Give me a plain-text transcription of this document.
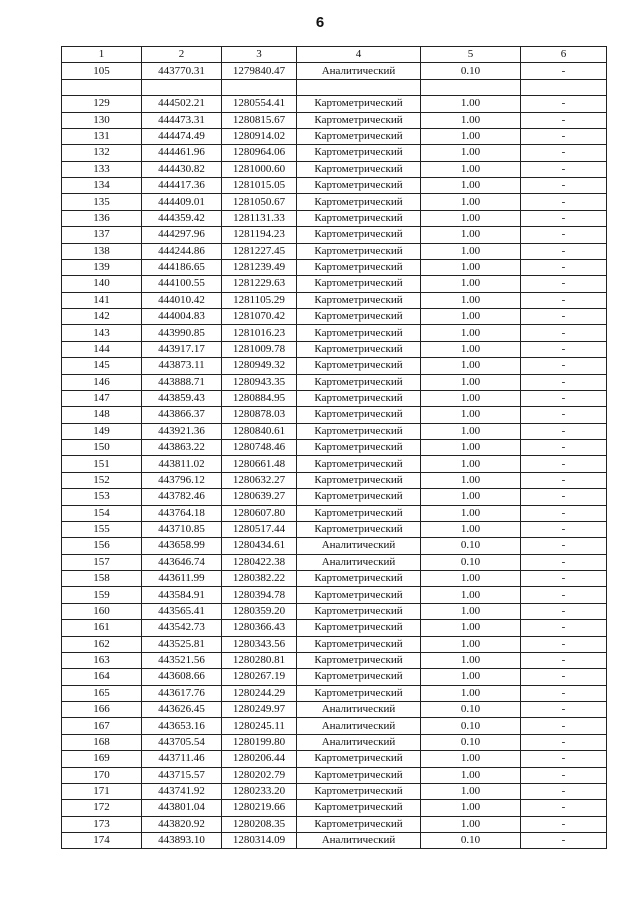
6
1	2	3	4	5	6
105	443770.31	1279840.47	Аналитический	0.10	-

129	444502.21	1280554.41	Картометрический	1.00	-
130	444473.31	1280815.67	Картометрический	1.00	-
131	444474.49	1280914.02	Картометрический	1.00	-
132	444461.96	1280964.06	Картометрический	1.00	-
133	444430.82	1281000.60	Картометрический	1.00	-
134	444417.36	1281015.05	Картометрический	1.00	-
135	444409.01	1281050.67	Картометрический	1.00	-
136	444359.42	1281131.33	Картометрический	1.00	-
137	444297.96	1281194.23	Картометрический	1.00	-
138	444244.86	1281227.45	Картометрический	1.00	-
139	444186.65	1281239.49	Картометрический	1.00	-
140	444100.55	1281229.63	Картометрический	1.00	-
141	444010.42	1281105.29	Картометрический	1.00	-
142	444004.83	1281070.42	Картометрический	1.00	-
143	443990.85	1281016.23	Картометрический	1.00	-
144	443917.17	1281009.78	Картометрический	1.00	-
145	443873.11	1280949.32	Картометрический	1.00	-
146	443888.71	1280943.35	Картометрический	1.00	-
147	443859.43	1280884.95	Картометрический	1.00	-
148	443866.37	1280878.03	Картометрический	1.00	-
149	443921.36	1280840.61	Картометрический	1.00	-
150	443863.22	1280748.46	Картометрический	1.00	-
151	443811.02	1280661.48	Картометрический	1.00	-
152	443796.12	1280632.27	Картометрический	1.00	-
153	443782.46	1280639.27	Картометрический	1.00	-
154	443764.18	1280607.80	Картометрический	1.00	-
155	443710.85	1280517.44	Картометрический	1.00	-
156	443658.99	1280434.61	Аналитический	0.10	-
157	443646.74	1280422.38	Аналитический	0.10	-
158	443611.99	1280382.22	Картометрический	1.00	-
159	443584.91	1280394.78	Картометрический	1.00	-
160	443565.41	1280359.20	Картометрический	1.00	-
161	443542.73	1280366.43	Картометрический	1.00	-
162	443525.81	1280343.56	Картометрический	1.00	-
163	443521.56	1280280.81	Картометрический	1.00	-
164	443608.66	1280267.19	Картометрический	1.00	-
165	443617.76	1280244.29	Картометрический	1.00	-
166	443626.45	1280249.97	Аналитический	0.10	-
167	443653.16	1280245.11	Аналитический	0.10	-
168	443705.54	1280199.80	Аналитический	0.10	-
169	443711.46	1280206.44	Картометрический	1.00	-
170	443715.57	1280202.79	Картометрический	1.00	-
171	443741.92	1280233.20	Картометрический	1.00	-
172	443801.04	1280219.66	Картометрический	1.00	-
173	443820.92	1280208.35	Картометрический	1.00	-
174	443893.10	1280314.09	Аналитический	0.10	-
